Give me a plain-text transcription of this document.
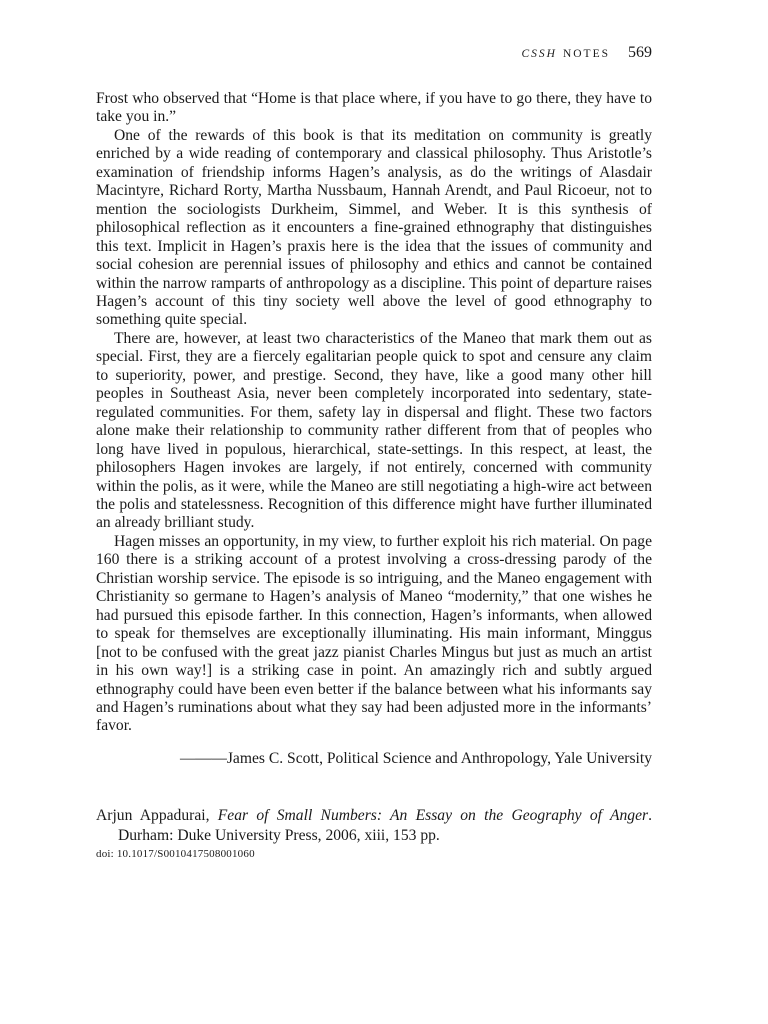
CSSH NOTES 569

Frost who observed that “Home is that place where, if you have to go there, they have to take you in.”

One of the rewards of this book is that its meditation on community is greatly enriched by a wide reading of contemporary and classical philosophy. Thus Aristotle’s examination of friendship informs Hagen’s analysis, as do the writings of Alasdair Macintyre, Richard Rorty, Martha Nussbaum, Hannah Arendt, and Paul Ricoeur, not to mention the sociologists Durkheim, Simmel, and Weber. It is this synthesis of philosophical reflection as it encounters a fine-grained ethnography that distinguishes this text. Implicit in Hagen’s praxis here is the idea that the issues of community and social cohesion are perennial issues of philosophy and ethics and cannot be contained within the narrow ramparts of anthropology as a discipline. This point of departure raises Hagen’s account of this tiny society well above the level of good ethnography to something quite special.

There are, however, at least two characteristics of the Maneo that mark them out as special. First, they are a fiercely egalitarian people quick to spot and censure any claim to superiority, power, and prestige. Second, they have, like a good many other hill peoples in Southeast Asia, never been completely incorporated into sedentary, state-regulated communities. For them, safety lay in dispersal and flight. These two factors alone make their relationship to community rather different from that of peoples who long have lived in populous, hierarchical, state-settings. In this respect, at least, the philosophers Hagen invokes are largely, if not entirely, concerned with community within the polis, as it were, while the Maneo are still negotiating a high-wire act between the polis and statelessness. Recognition of this difference might have further illuminated an already brilliant study.

Hagen misses an opportunity, in my view, to further exploit his rich material. On page 160 there is a striking account of a protest involving a cross-dressing parody of the Christian worship service. The episode is so intriguing, and the Maneo engagement with Christianity so germane to Hagen’s analysis of Maneo “modernity,” that one wishes he had pursued this episode farther. In this connection, Hagen’s informants, when allowed to speak for themselves are exceptionally illuminating. His main informant, Minggus [not to be confused with the great jazz pianist Charles Mingus but just as much an artist in his own way!] is a striking case in point. An amazingly rich and subtly argued ethnography could have been even better if the balance between what his informants say and Hagen’s ruminations about what they say had been adjusted more in the informants’ favor.

———James C. Scott, Political Science and Anthropology, Yale University
Arjun Appadurai, Fear of Small Numbers: An Essay on the Geography of Anger. Durham: Duke University Press, 2006, xiii, 153 pp.
doi: 10.1017/S0010417508001060
